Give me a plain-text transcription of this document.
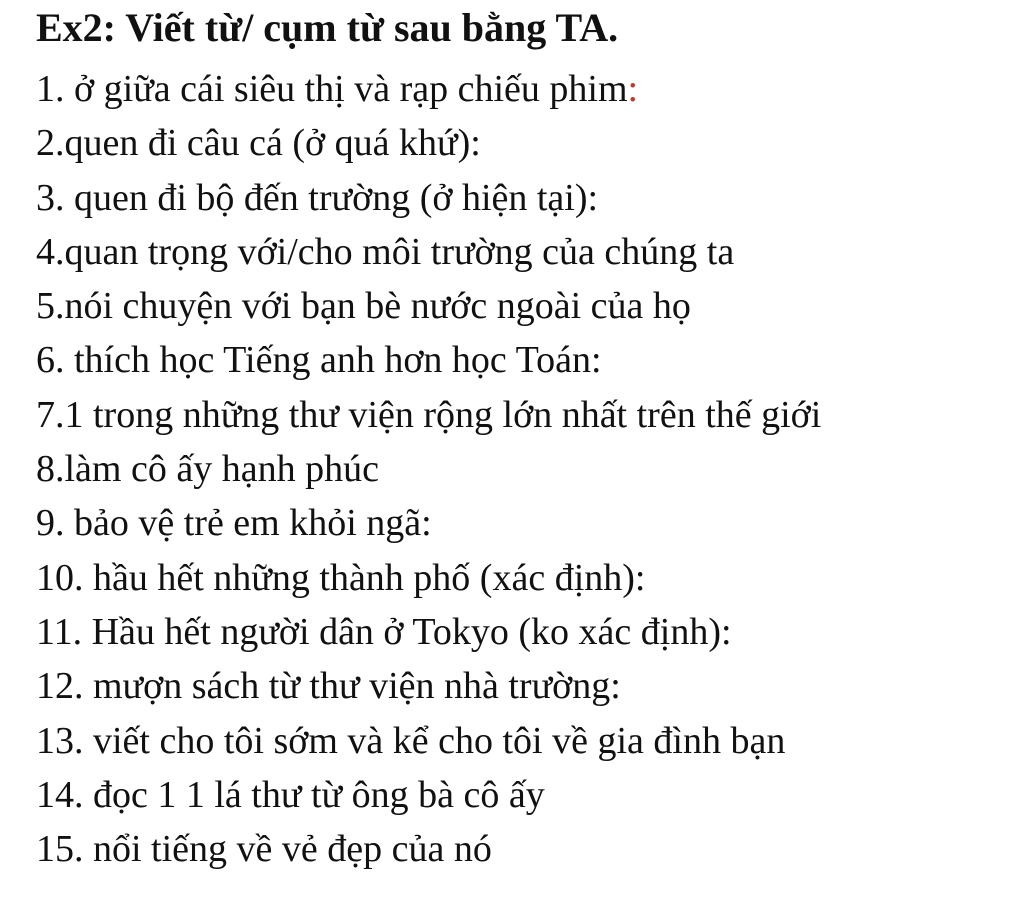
Ex2: Viết từ/ cụm từ sau bằng TA.
1. ở giữa cái siêu thị và rạp chiếu phim:
2.quen đi câu cá (ở quá khứ):
3. quen đi bộ đến trường (ở hiện tại):
4.quan trọng với/cho môi trường của chúng ta
5.nói chuyện với bạn bè nước ngoài của họ
6. thích học Tiếng anh hơn học Toán:
7.1 trong những thư viện rộng lớn nhất trên thế giới
8.làm cô ấy hạnh phúc
9. bảo vệ trẻ em khỏi ngã:
10. hầu hết những thành phố (xác định):
11. Hầu hết người dân ở Tokyo (ko xác định):
12. mượn sách từ thư viện nhà trường:
13. viết cho tôi sớm và kể cho tôi về gia đình bạn
14. đọc 1 1 lá thư từ ông bà cô ấy
15. nổi tiếng về vẻ đẹp của nó
